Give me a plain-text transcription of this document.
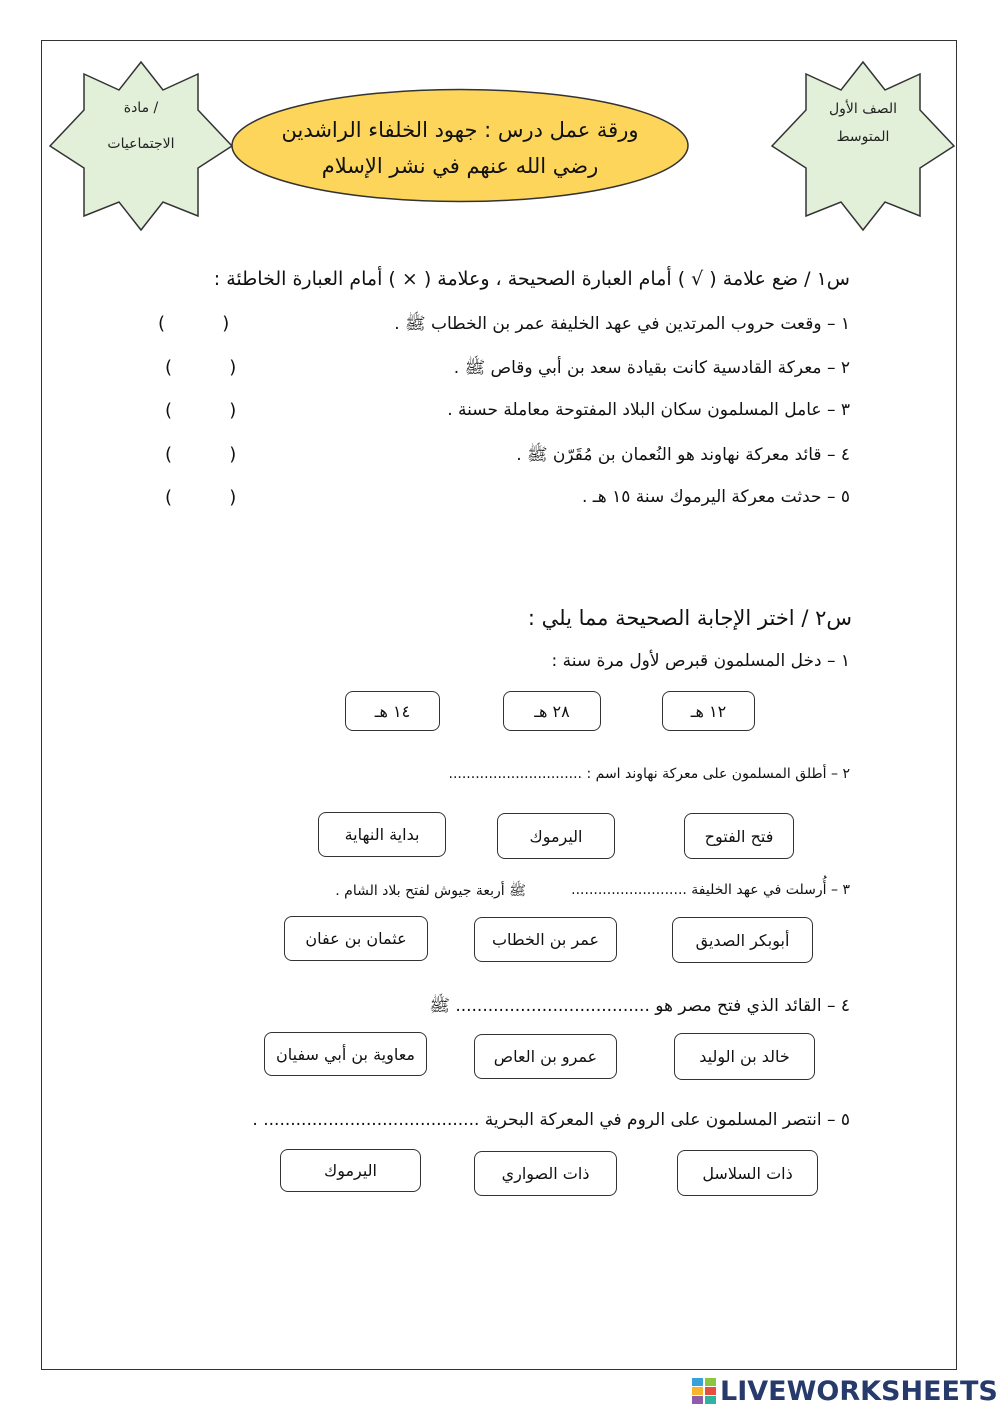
الصف الأول
المتوسط
مادة /
الاجتماعيات
ورقة عمل درس : جهود الخلفاء الراشدين
رضي الله عنهم في نشر الإسلام
س١ / ضع علامة ( √ ) أمام العبارة الصحيحة ، وعلامة ( × ) أمام العبارة الخاطئة :
١ – وقعت حروب المرتدين في عهد الخليفة عمر بن الخطاب ﷺ .
(          )
٢ – معركة القادسية كانت بقيادة سعد بن أبي وقاص ﷺ .
(          )
٣ – عامل المسلمون سكان البلاد المفتوحة معاملة حسنة .
(          )
٤ – قائد معركة نهاوند هو النُعمان بن مُقَرّن ﷺ .
(          )
٥ – حدثت معركة اليرموك سنة ١٥ هـ .
(          )
س٢ / اختر الإجابة الصحيحة مما يلي :
١ – دخل المسلمون قبرص لأول مرة سنة :
١٢ هـ
٢٨ هـ
١٤ هـ
٢ – أطلق المسلمون على معركة نهاوند اسم : ..............................
فتح الفتوح
اليرموك
بداية النهاية
٣ – أُرسلت في عهد الخليفة ..........................
ﷺ أربعة جيوش لفتح بلاد الشام .
أبوبكر الصديق
عمر بن الخطاب
عثمان بن عفان
٤ – القائد الذي فتح مصر هو .................................... ﷺ
خالد بن الوليد
عمرو بن العاص
معاوية بن أبي سفيان
٥ – انتصر المسلمون على الروم في المعركة البحرية ........................................ .
ذات السلاسل
ذات الصواري
اليرموك
LIVEWORKSHEETS
